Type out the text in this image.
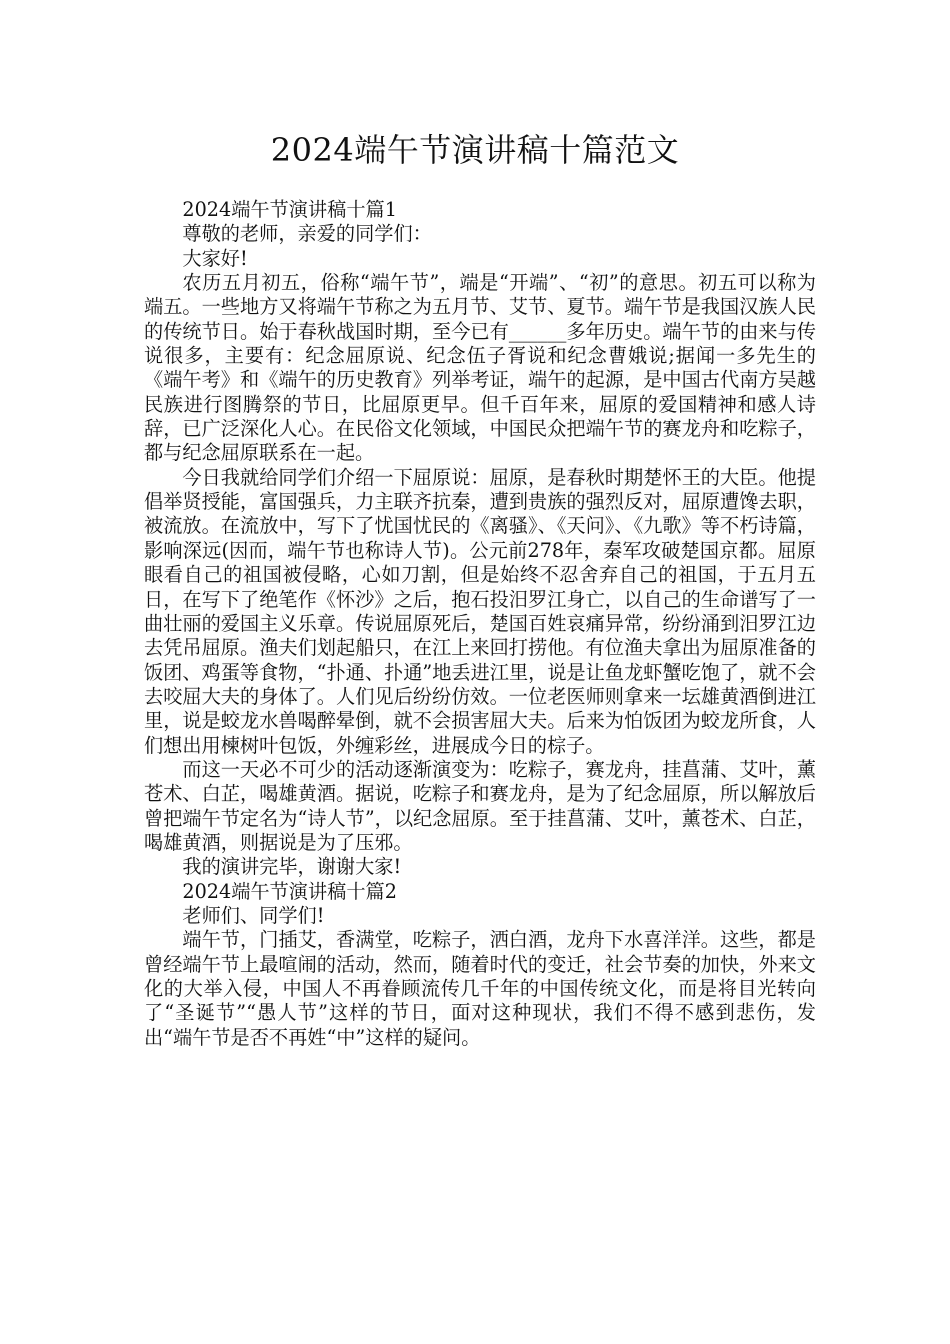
2024端午节演讲稿十篇范文

2024端午节演讲稿十篇1

尊敬的老师，亲爱的同学们：

大家好!

农历五月初五，俗称“端午节”，端是“开端”、“初”的意思。初五可以称为端五。一些地方又将端午节称之为五月节、艾节、夏节。端午节是我国汉族人民的传统节日。始于春秋战国时期，至今已有______多年历史。端午节的由来与传说很多，主要有：纪念屈原说、纪念伍子胥说和纪念曹娥说;据闻一多先生的《端午考》和《端午的历史教育》列举考证，端午的起源，是中国古代南方吴越民族进行图腾祭的节日，比屈原更早。但千百年来，屈原的爱国精神和感人诗辞，已广泛深化人心。在民俗文化领域，中国民众把端午节的赛龙舟和吃粽子，都与纪念屈原联系在一起。

今日我就给同学们介绍一下屈原说：屈原，是春秋时期楚怀王的大臣。他提倡举贤授能，富国强兵，力主联齐抗秦，遭到贵族的强烈反对，屈原遭馋去职，被流放。在流放中，写下了忧国忧民的《离骚》、《天问》、《九歌》等不朽诗篇，影响深远(因而，端午节也称诗人节)。公元前278年，秦军攻破楚国京都。屈原眼看自己的祖国被侵略，心如刀割，但是始终不忍舍弃自己的祖国，于五月五日，在写下了绝笔作《怀沙》之后，抱石投汨罗江身亡，以自己的生命谱写了一曲壮丽的爱国主义乐章。传说屈原死后，楚国百姓哀痛异常，纷纷涌到汨罗江边去凭吊屈原。渔夫们划起船只，在江上来回打捞他。有位渔夫拿出为屈原准备的饭团、鸡蛋等食物，“扑通、扑通”地丢进江里，说是让鱼龙虾蟹吃饱了，就不会去咬屈大夫的身体了。人们见后纷纷仿效。一位老医师则拿来一坛雄黄酒倒进江里，说是蛟龙水兽喝醉晕倒，就不会损害屈大夫。后来为怕饭团为蛟龙所食，人们想出用楝树叶包饭，外缠彩丝，进展成今日的棕子。

而这一天必不可少的活动逐渐演变为：吃粽子，赛龙舟，挂菖蒲、艾叶，薰苍术、白芷，喝雄黄酒。据说，吃粽子和赛龙舟，是为了纪念屈原，所以解放后曾把端午节定名为“诗人节”，以纪念屈原。至于挂菖蒲、艾叶，薰苍术、白芷，喝雄黄酒，则据说是为了压邪。

我的演讲完毕，谢谢大家!

2024端午节演讲稿十篇2

老师们、同学们!

端午节，门插艾，香满堂，吃粽子，洒白酒，龙舟下水喜洋洋。这些，都是曾经端午节上最喧闹的活动，然而，随着时代的变迁，社会节奏的加快，外来文化的大举入侵，中国人不再眷顾流传几千年的中国传统文化，而是将目光转向了“圣诞节”“愚人节”这样的节日，面对这种现状，我们不得不感到悲伤，发出“端午节是否不再姓“中”这样的疑问。
